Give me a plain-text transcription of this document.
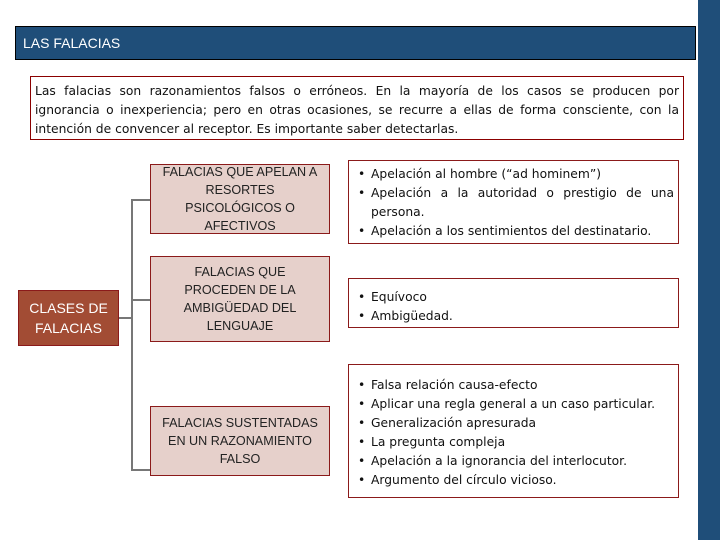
LAS FALACIAS
Las falacias son razonamientos falsos o erróneos. En la mayoría de los casos se producen por ignorancia o inexperiencia; pero en otras ocasiones, se recurre a ellas de forma consciente, con la intención de convencer al receptor. Es importante saber detectarlas.
CLASES DE FALACIAS
FALACIAS QUE APELAN A RESORTES PSICOLÓGICOS O AFECTIVOS
• Apelación al hombre (“ad hominem”)
• Apelación a la autoridad o prestigio de una persona.
• Apelación a los sentimientos del destinatario.
FALACIAS QUE PROCEDEN DE LA AMBIGÜEDAD DEL LENGUAJE
• Equívoco
• Ambigüedad.
FALACIAS SUSTENTADAS EN UN RAZONAMIENTO FALSO
• Falsa relación causa-efecto
• Aplicar una regla general a un caso particular.
• Generalización apresurada
• La pregunta compleja
• Apelación a la ignorancia del interlocutor.
• Argumento del círculo vicioso.
